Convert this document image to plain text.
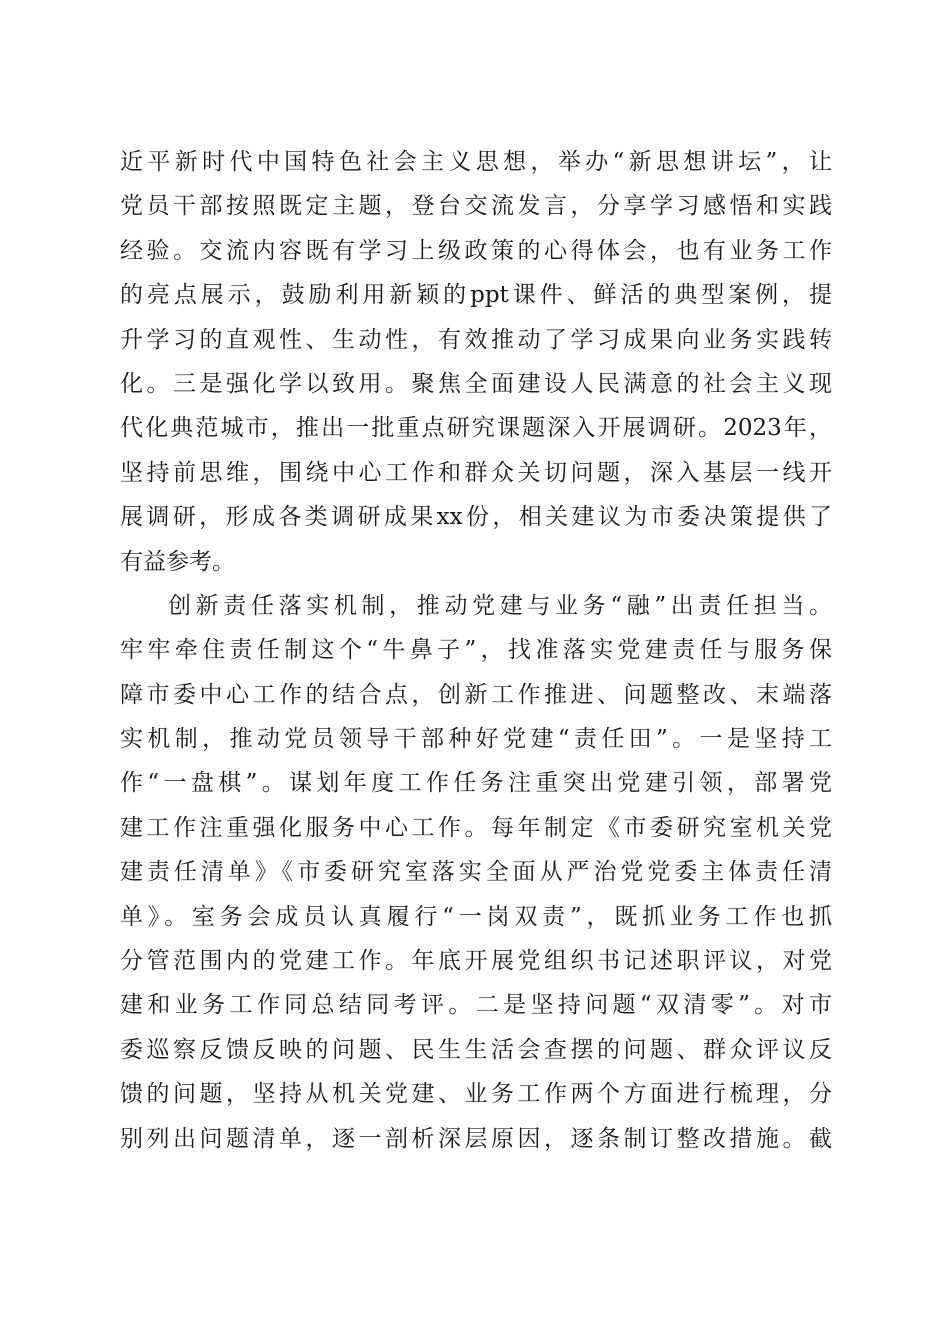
近平新时代中国特色社会主义思想，举办“新思想讲坛”，让
党员干部按照既定主题，登台交流发言，分享学习感悟和实践
经验。交流内容既有学习上级政策的心得体会，也有业务工作
的亮点展示，鼓励利用新颖的ppt课件、鲜活的典型案例，提
升学习的直观性、生动性，有效推动了学习成果向业务实践转
化。三是强化学以致用。聚焦全面建设人民满意的社会主义现
代化典范城市，推出一批重点研究课题深入开展调研。2023年，
坚持前思维，围绕中心工作和群众关切问题，深入基层一线开
展调研，形成各类调研成果xx份，相关建议为市委决策提供了
有益参考。
创新责任落实机制，推动党建与业务“融”出责任担当。
牢牢牵住责任制这个“牛鼻子”，找准落实党建责任与服务保
障市委中心工作的结合点，创新工作推进、问题整改、末端落
实机制，推动党员领导干部种好党建“责任田”。一是坚持工
作“一盘棋”。谋划年度工作任务注重突出党建引领，部署党
建工作注重强化服务中心工作。每年制定《市委研究室机关党
建责任清单》《市委研究室落实全面从严治党党委主体责任清
单》。室务会成员认真履行“一岗双责”，既抓业务工作也抓
分管范围内的党建工作。年底开展党组织书记述职评议，对党
建和业务工作同总结同考评。二是坚持问题“双清零”。对市
委巡察反馈反映的问题、民生生活会查摆的问题、群众评议反
馈的问题，坚持从机关党建、业务工作两个方面进行梳理，分
别列出问题清单，逐一剖析深层原因，逐条制订整改措施。截
